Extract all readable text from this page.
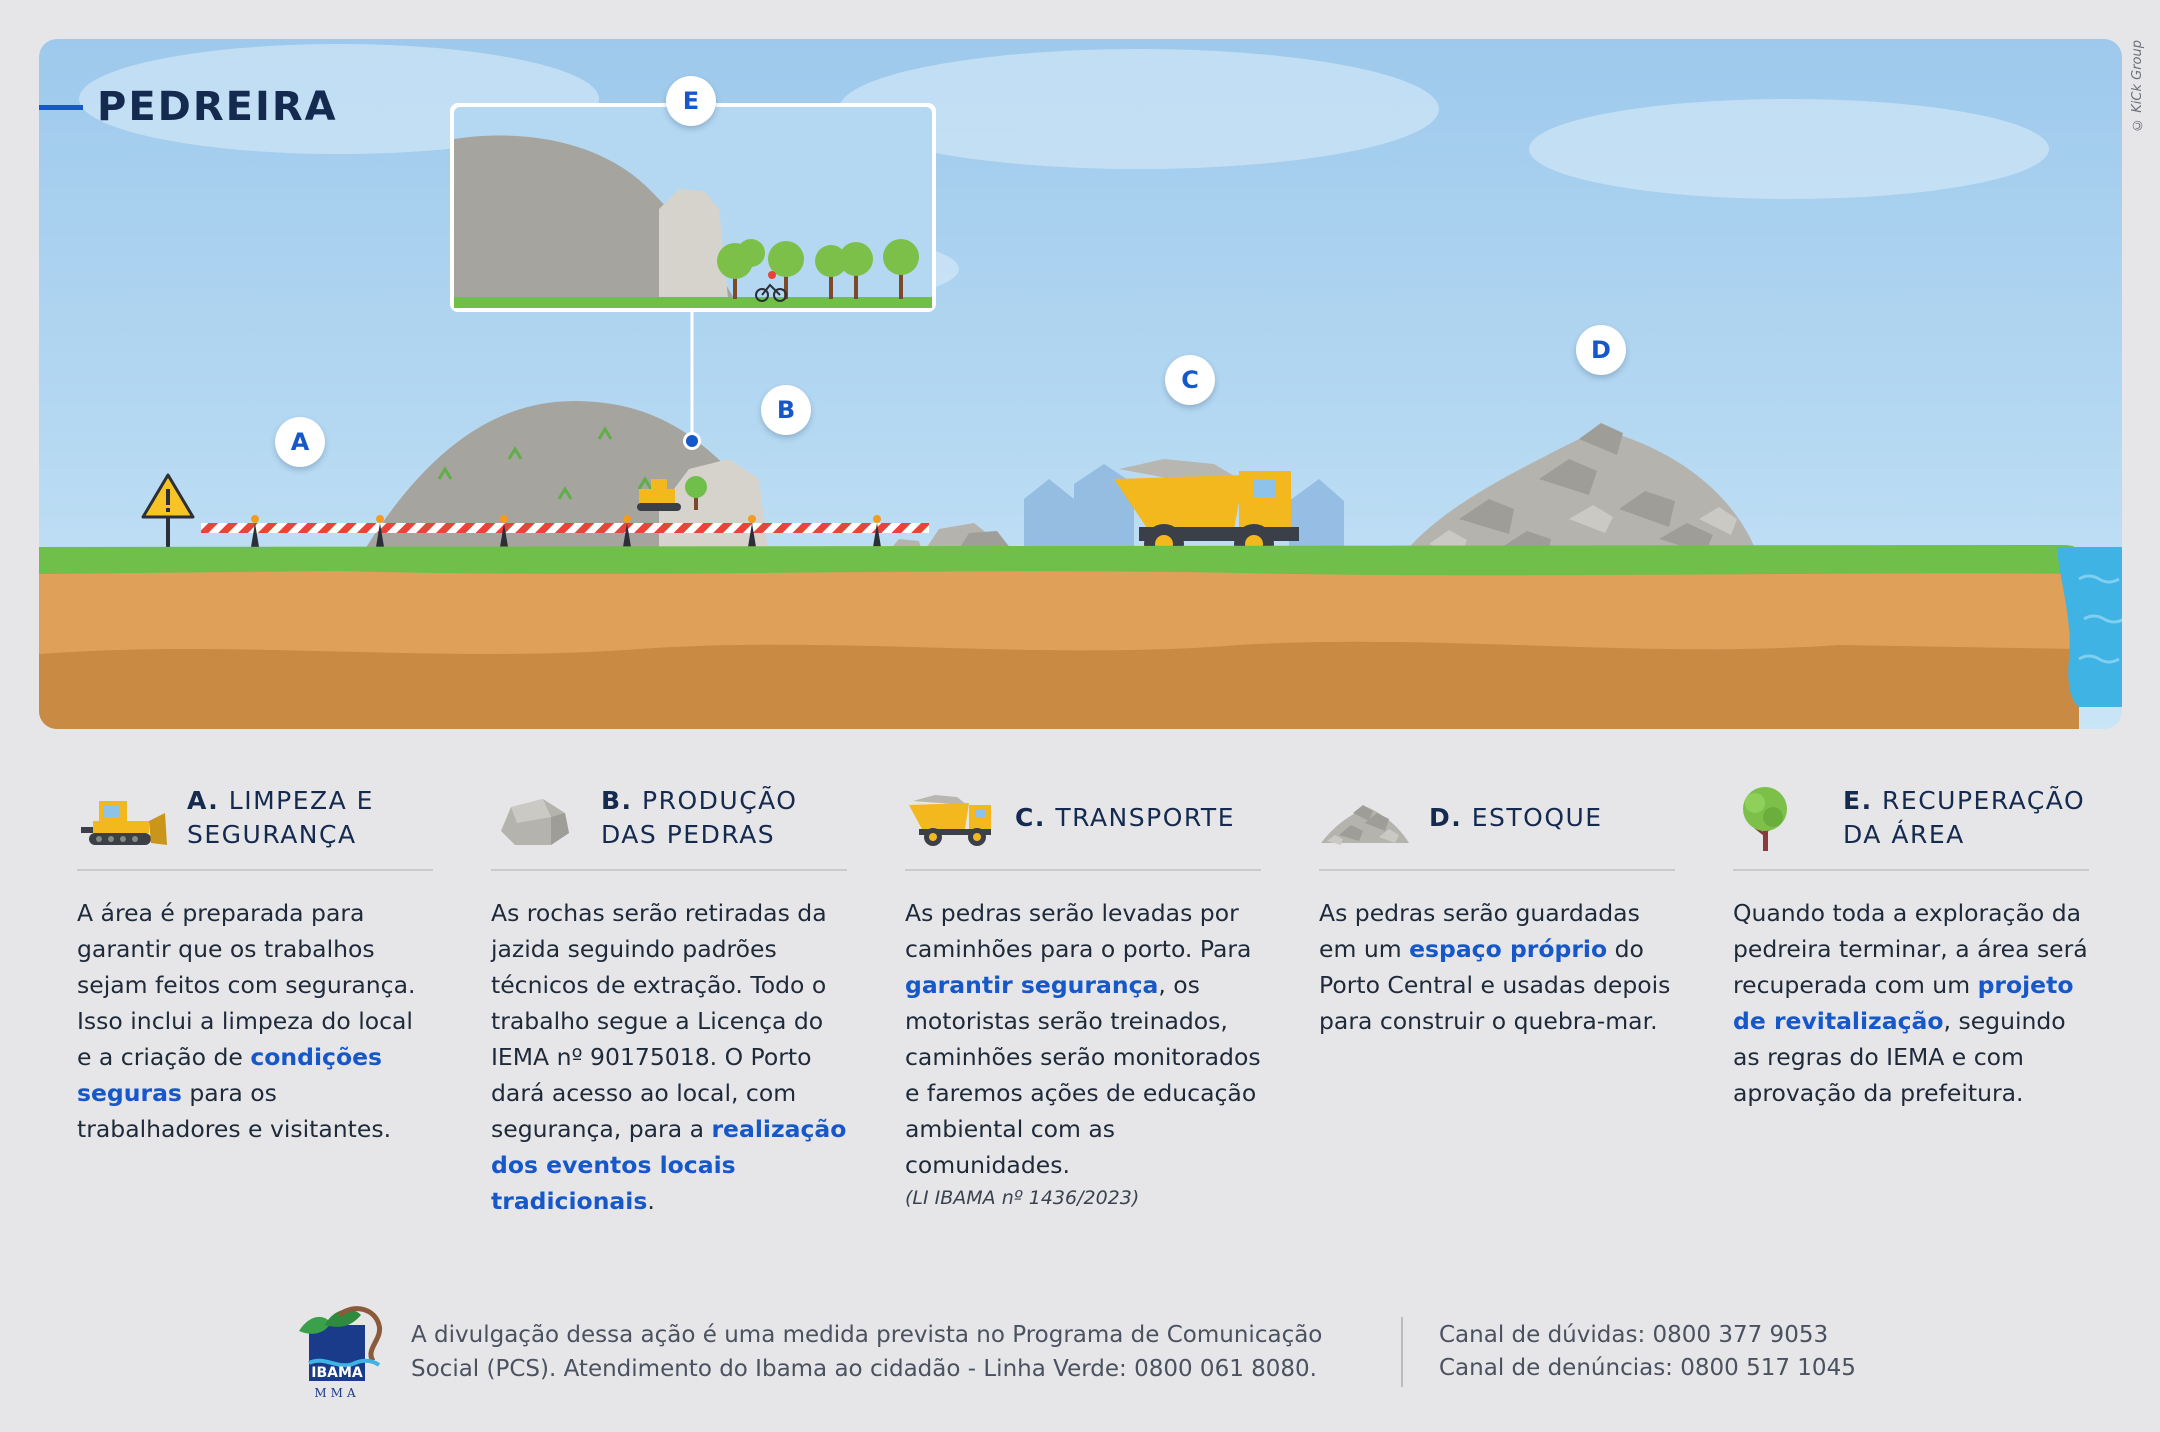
A
B
C
D
E
PEDREIRA	© KiCk Group
A. LIMPEZA E SEGURANÇA
A área é preparada para garantir que os trabalhos sejam feitos com segurança. Isso inclui a limpeza do local e a criação de condições seguras para os trabalhadores e visitantes.
B. PRODUÇÃO DAS PEDRAS
As rochas serão retiradas da jazida seguindo padrões técnicos de extração. Todo o trabalho segue a Licença do IEMA nº 90175018. O Porto dará acesso ao local, com segurança, para a realização dos eventos locais tradicionais.
C. TRANSPORTE
As pedras serão levadas por caminhões para o porto. Para garantir segurança, os motoristas serão treinados, caminhões serão monitorados e faremos ações de educação ambiental com as comunidades.
(LI IBAMA nº 1436/2023)
D. ESTOQUE
As pedras serão guardadas em um espaço próprio do Porto Central e usadas depois para construir o quebra-mar.
E. RECUPERAÇÃO DA ÁREA
Quando toda a exploração da pedreira terminar, a área será recuperada com um projeto de revitalização, seguindo as regras do IEMA e com aprovação da prefeitura.
IBAMA
MMA
A divulgação dessa ação é uma medida prevista no Programa de Comunicação Social (PCS). Atendimento do Ibama ao cidadão - Linha Verde: 0800 061 8080.
Canal de dúvidas: 0800 377 9053
Canal de denúncias: 0800 517 1045
